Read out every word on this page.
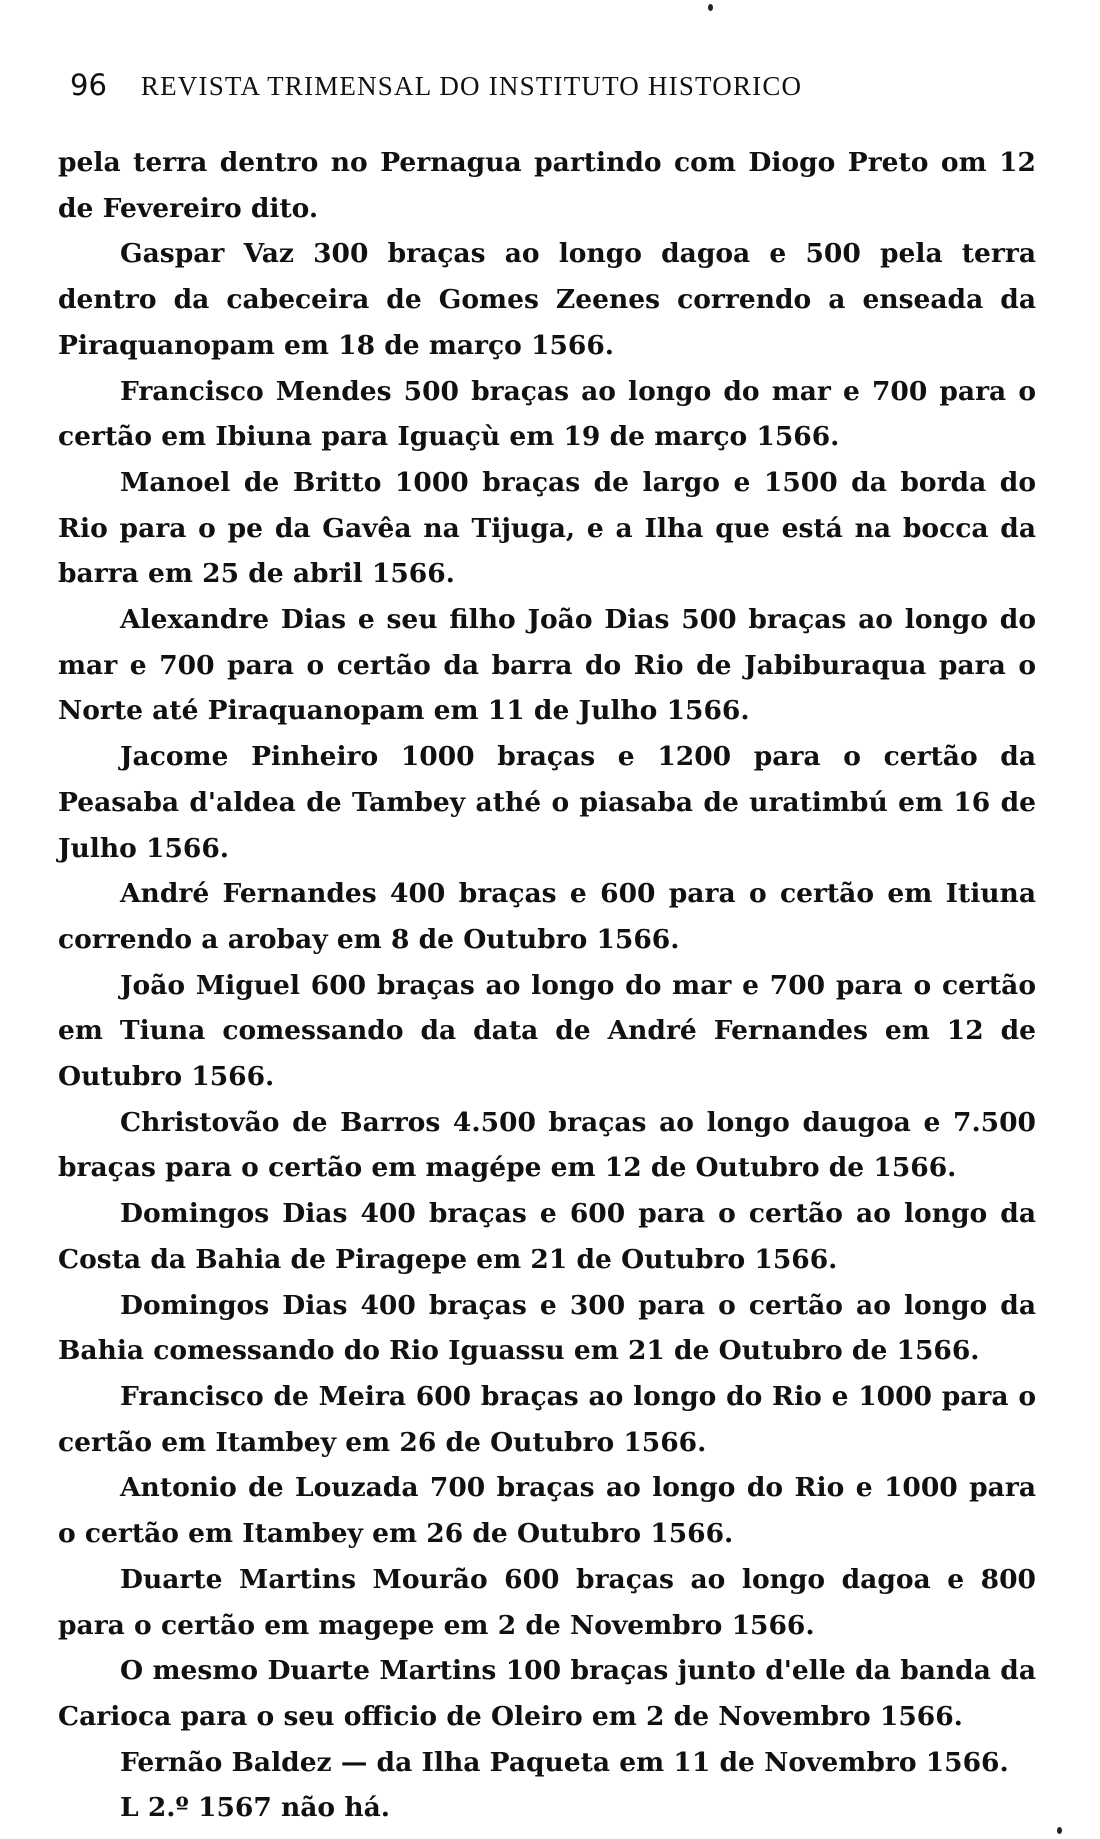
96 REVISTA TRIMENSAL DO INSTITUTO HISTORICO

pela terra dentro no Pernagua partindo com Diogo Preto om 12 de Fevereiro dito.

Gaspar Vaz 300 braças ao longo dagoa e 500 pela terra dentro da cabeceira de Gomes Zeenes correndo a enseada da Piraquanopam em 18 de março 1566.

Francisco Mendes 500 braças ao longo do mar e 700 para o certão em Ibiuna para Iguaçù em 19 de março 1566.

Manoel de Britto 1000 braças de largo e 1500 da borda do Rio para o pe da Gavêa na Tijuga, e a Ilha que está na bocca da barra em 25 de abril 1566.

Alexandre Dias e seu filho João Dias 500 braças ao longo do mar e 700 para o certão da barra do Rio de Jabiburaqua para o Norte até Piraquanopam em 11 de Julho 1566.

Jacome Pinheiro 1000 braças e 1200 para o certão da Peasaba d'aldea de Tambey athé o piasaba de uratimbú em 16 de Julho 1566.

André Fernandes 400 braças e 600 para o certão em Itiuna correndo a arobay em 8 de Outubro 1566.

João Miguel 600 braças ao longo do mar e 700 para o certão em Tiuna comessando da data de André Fernandes em 12 de Outubro 1566.

Christovão de Barros 4.500 braças ao longo daugoa e 7.500 braças para o certão em magépe em 12 de Outubro de 1566.

Domingos Dias 400 braças e 600 para o certão ao longo da Costa da Bahia de Piragepe em 21 de Outubro 1566.

Domingos Dias 400 braças e 300 para o certão ao longo da Bahia comessando do Rio Iguassu em 21 de Outubro de 1566.

Francisco de Meira 600 braças ao longo do Rio e 1000 para o certão em Itambey em 26 de Outubro 1566.

Antonio de Louzada 700 braças ao longo do Rio e 1000 para o certão em Itambey em 26 de Outubro 1566.

Duarte Martins Mourão 600 braças ao longo dagoa e 800 para o certão em magepe em 2 de Novembro 1566.

O mesmo Duarte Martins 100 braças junto d'elle da banda da Carioca para o seu officio de Oleiro em 2 de Novembro 1566.

Fernão Baldez — da Ilha Paqueta em 11 de Novembro 1566.

L 2.º 1567 não há.
